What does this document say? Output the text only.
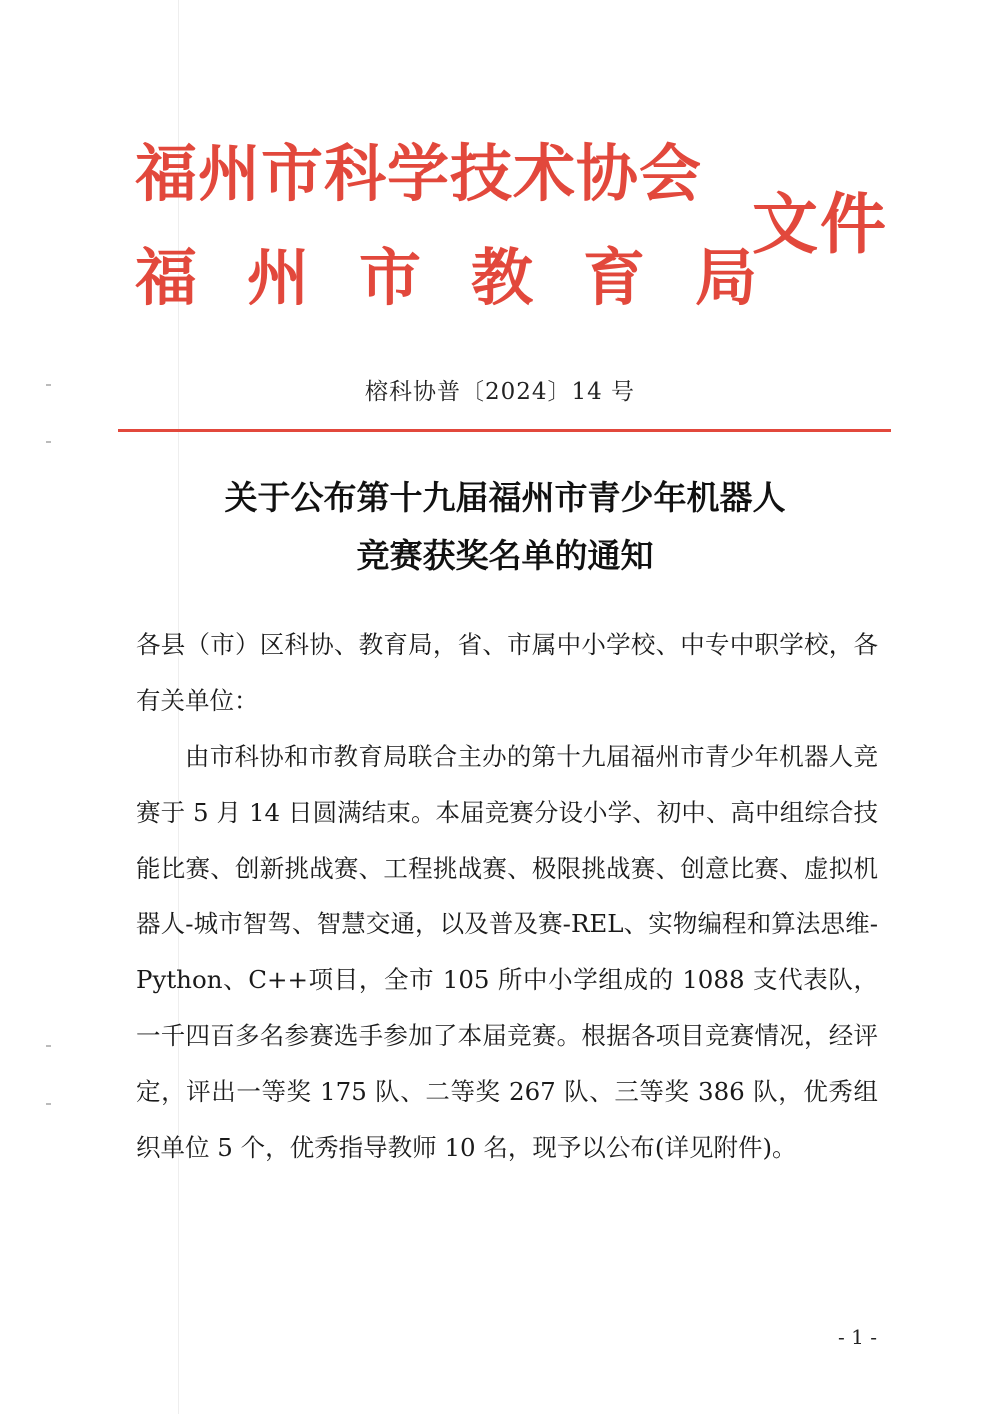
福州市科学技术协会
福州市教育局
文件
榕科协普〔2024〕14 号
关于公布第十九届福州市青少年机器人
竞赛获奖名单的通知
各县（市）区科协、教育局，省、市属中小学校、中专中职学校，各有关单位：
由市科协和市教育局联合主办的第十九届福州市青少年机器人竞赛于 5 月 14 日圆满结束。本届竞赛分设小学、初中、高中组综合技能比赛、创新挑战赛、工程挑战赛、极限挑战赛、创意比赛、虚拟机器人-城市智驾、智慧交通，以及普及赛-REL、实物编程和算法思维-Python、C++项目，全市 105 所中小学组成的 1088 支代表队，一千四百多名参赛选手参加了本届竞赛。根据各项目竞赛情况，经评定，评出一等奖 175 队、二等奖 267 队、三等奖 386 队，优秀组织单位 5 个，优秀指导教师 10 名，现予以公布(详见附件)。
- 1 -
